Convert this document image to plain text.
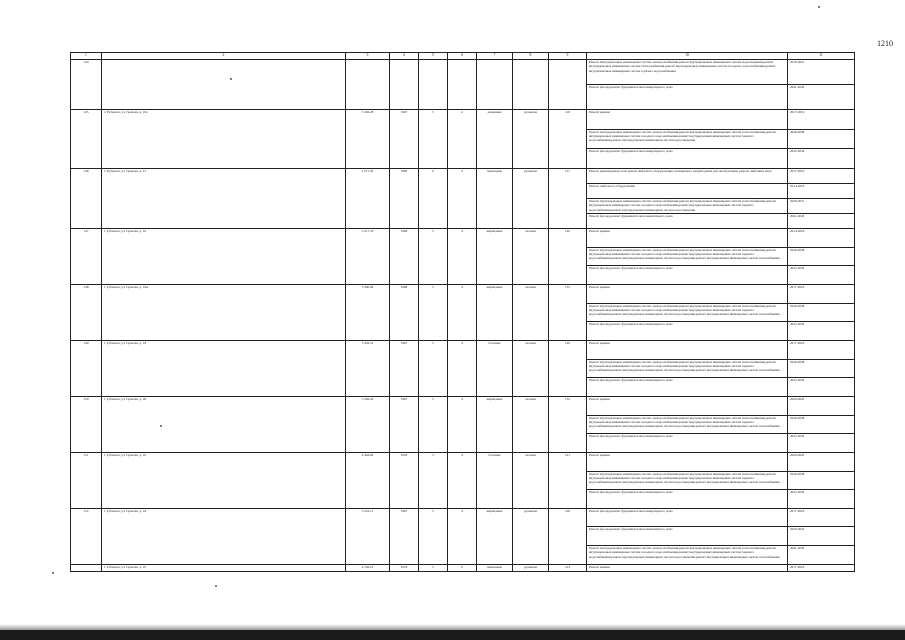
1210
1	2	3	4	5	6	7	8	9	10	11
144									Ремонт внутридомовых инженерных систем электроснабжения,ремонт внутридомовых инженерных систем водоотведения,ремонт внутридомовых инженерных систем теплоснабжения,ремонт внутридомовых инженерных систем холодного водоснабжения,ремонт внутридомовых инженерных систем горячего водоснабжения	2019-2021
									Ремонт фасада,ремонт фундамента многоквартирного дома	2041-2043
145	г. Рубцовск, ул. Громова, д. 16а	3 456,28	1967	5	4	каменные	рулонная	110	Ремонт крыши	2017-2019
									Ремонт внутридомовых инженерных систем электроснабжения,ремонт внутридомовых инженерных систем теплоснабжения,ремонт внутридомовых инженерных систем холодного водоснабжения,ремонт внутридомовых инженерных систем горячего водоснабжения,ремонт внутридомовых инженерных систем водоотведения	2026-2028
									Ремонт фасада,ремонт фундамента многоквартирного дома	2032-2034
146	г. Рубцовск, ул. Громова, д. 15	2 071,50	1982	9	3	панельные	рулонная	127	Ремонт крыши,ремонт или замена лифтового оборудования, признанного непригодным для эксплуатации, ремонт лифтовых шахт	2017-2019
									Ремонт лифтового оборудования	2014-2016
									Ремонт внутридомовых инженерных систем электроснабжения,ремонт внутридомовых инженерных систем теплоснабжения,ремонт внутридомовых инженерных систем холодного водоснабжения,ремонт внутридомовых инженерных систем горячего водоснабжения,ремонт внутридомовых инженерных систем водоотведения	2029-2031
									Ремонт фасада,ремонт фундамента многоквартирного дома	2041-2043
147	г. Рубцовск, ул. Громова, д. 16	3 217,70	1966	5	4	кирпичные	скатная	140	Ремонт крыши	2014-2016
									Ремонт внутридомовых инженерных систем электроснабжения,ремонт внутридомовых инженерных систем теплоснабжения,ремонт внутридомовых инженерных систем холодного водоснабжения,ремонт внутридомовых инженерных систем горячего водоснабжения,ремонт внутридомовых инженерных систем водоотведения,ремонт внутридомовых инженерных систем газоснабжения	2026-2028
									Ремонт фасада,ремонт фундамента многоквартирного дома	2032-2034
148	г. Рубцовск, ул. Громова, д. 16А	3 300,06	1968	5	4	кирпичные	скатная	155	Ремонт крыши	2017-2019
									Ремонт внутридомовых инженерных систем электроснабжения,ремонт внутридомовых инженерных систем теплоснабжения,ремонт внутридомовых инженерных систем холодного водоснабжения,ремонт внутридомовых инженерных систем горячего водоснабжения,ремонт внутридомовых инженерных систем водоотведения,ремонт внутридомовых инженерных систем газоснабжения	2026-2028
									Ремонт фасада,ремонт фундамента многоквартирного дома	2032-2034
149	г. Рубцовск, ул. Громова, д. 18	3 459,52	1967	5	4	блочные	скатная	149	Ремонт крыши	2017-2019
									Ремонт внутридомовых инженерных систем электроснабжения,ремонт внутридомовых инженерных систем теплоснабжения,ремонт внутридомовых инженерных систем холодного водоснабжения,ремонт внутридомовых инженерных систем горячего водоснабжения,ремонт внутридомовых инженерных систем водоотведения,ремонт внутридомовых инженерных систем газоснабжения	2026-2028
									Ремонт фасада,ремонт фундамента многоквартирного дома	2032-2034
150	г. Рубцовск, ул. Громова, д. 20	3 592,20	1967	5	4	кирпичные	скатная	152	Ремонт крыши	2020-2022
									Ремонт внутридомовых инженерных систем электроснабжения,ремонт внутридомовых инженерных систем теплоснабжения,ремонт внутридомовых инженерных систем холодного водоснабжения,ремонт внутридомовых инженерных систем горячего водоснабжения,ремонт внутридомовых инженерных систем водоотведения,ремонт внутридомовых инженерных систем газоснабжения	2026-2028
									Ремонт фасада,ремонт фундамента многоквартирного дома	2032-2034
151	г. Рубцовск, ул. Громова, д. 22	4 464,60	1956	3	4	блочные	скатная	191	Ремонт крыши	2020-2022
									Ремонт внутридомовых инженерных систем электроснабжения,ремонт внутридомовых инженерных систем теплоснабжения,ремонт внутридомовых инженерных систем холодного водоснабжения,ремонт внутридомовых инженерных систем горячего водоснабжения,ремонт внутридомовых инженерных систем водоотведения,ремонт внутридомовых инженерных систем газоснабжения	2026-2028
									Ремонт фасада,ремонт фундамента многоквартирного дома	2032-2034
152	г. Рубцовск, ул. Громова, д. 24	3 216,11	1967	5	4	кирпичные	рулонная	106	Ремонт фасада,ремонт фундамента многоквартирного дома	2017-2019
									Ремонт фасада,ремонт фундамента многоквартирного дома	2020-2022
									Ремонт внутридомовых инженерных систем электроснабжения,ремонт внутридомовых инженерных систем теплоснабжения,ремонт внутридомовых инженерных систем холодного водоснабжения,ремонт внутридомовых инженерных систем горячего водоснабжения,ремонт внутридомовых инженерных систем водоотведения,ремонт внутридомовых инженерных систем газоснабжения	2041-2043
	г. Рубцовск, ул. Громова, д. 25	4 726,10	1976	5	6	панельные	рулонная	103	Ремонт крыши	2017-2019
